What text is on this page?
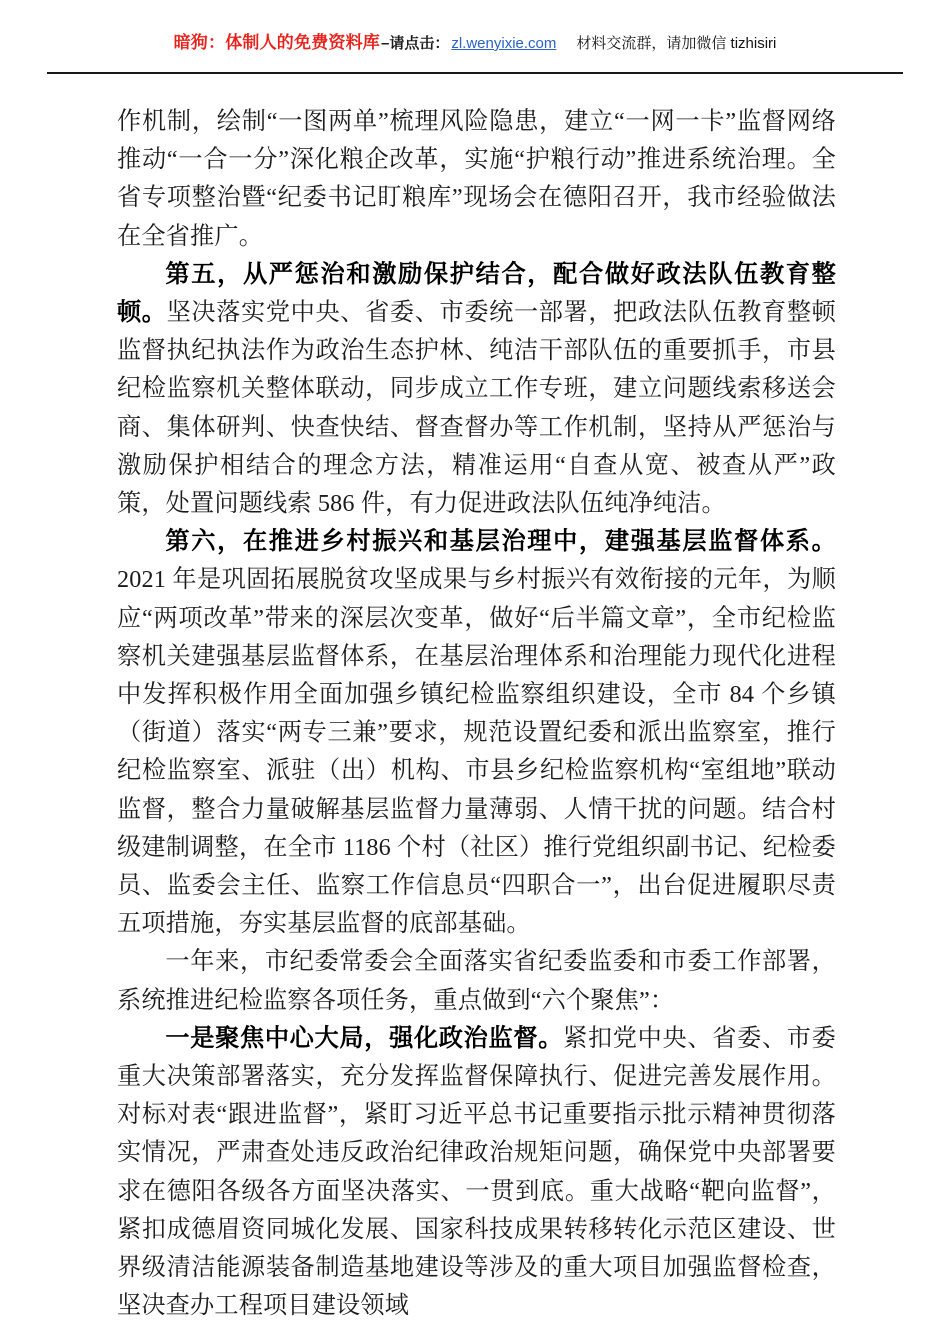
暗狗：体制人的免费资料库–请点击： zl.wenyixie.com 材料交流群，请加微信 tizhisiri

作机制，绘制“一图两单”梳理风险隐患，建立“一网一卡”监督网络推动“一合一分”深化粮企改革，实施“护粮行动”推进系统治理。全省专项整治暨“纪委书记盯粮库”现场会在德阳召开，我市经验做法在全省推广。

第五，从严惩治和激励保护结合，配合做好政法队伍教育整顿。坚决落实党中央、省委、市委统一部署，把政法队伍教育整顿监督执纪执法作为政治生态护林、纯洁干部队伍的重要抓手，市县纪检监察机关整体联动，同步成立工作专班，建立问题线索移送会商、集体研判、快查快结、督查督办等工作机制，坚持从严惩治与激励保护相结合的理念方法，精准运用“自查从宽、被查从严”政策，处置问题线索 586 件，有力促进政法队伍纯净纯洁。

第六，在推进乡村振兴和基层治理中，建强基层监督体系。2021 年是巩固拓展脱贫攻坚成果与乡村振兴有效衔接的元年，为顺应“两项改革”带来的深层次变革，做好“后半篇文章”，全市纪检监察机关建强基层监督体系，在基层治理体系和治理能力现代化进程中发挥积极作用全面加强乡镇纪检监察组织建设，全市 84 个乡镇（街道）落实“两专三兼”要求，规范设置纪委和派出监察室，推行纪检监察室、派驻（出）机构、市县乡纪检监察机构“室组地”联动监督，整合力量破解基层监督力量薄弱、人情干扰的问题。结合村级建制调整，在全市 1186 个村（社区）推行党组织副书记、纪检委员、监委会主任、监察工作信息员“四职合一”，出台促进履职尽责五项措施，夯实基层监督的底部基础。

一年来，市纪委常委会全面落实省纪委监委和市委工作部署，系统推进纪检监察各项任务，重点做到“六个聚焦”：

一是聚焦中心大局，强化政治监督。紧扣党中央、省委、市委重大决策部署落实，充分发挥监督保障执行、促进完善发展作用。对标对表“跟进监督”，紧盯习近平总书记重要指示批示精神贯彻落实情况，严肃查处违反政治纪律政治规矩问题，确保党中央部署要求在德阳各级各方面坚决落实、一贯到底。重大战略“靶向监督”，紧扣成德眉资同城化发展、国家科技成果转移转化示范区建设、世界级清洁能源装备制造基地建设等涉及的重大项目加强监督检查，坚决查办工程项目建设领域
